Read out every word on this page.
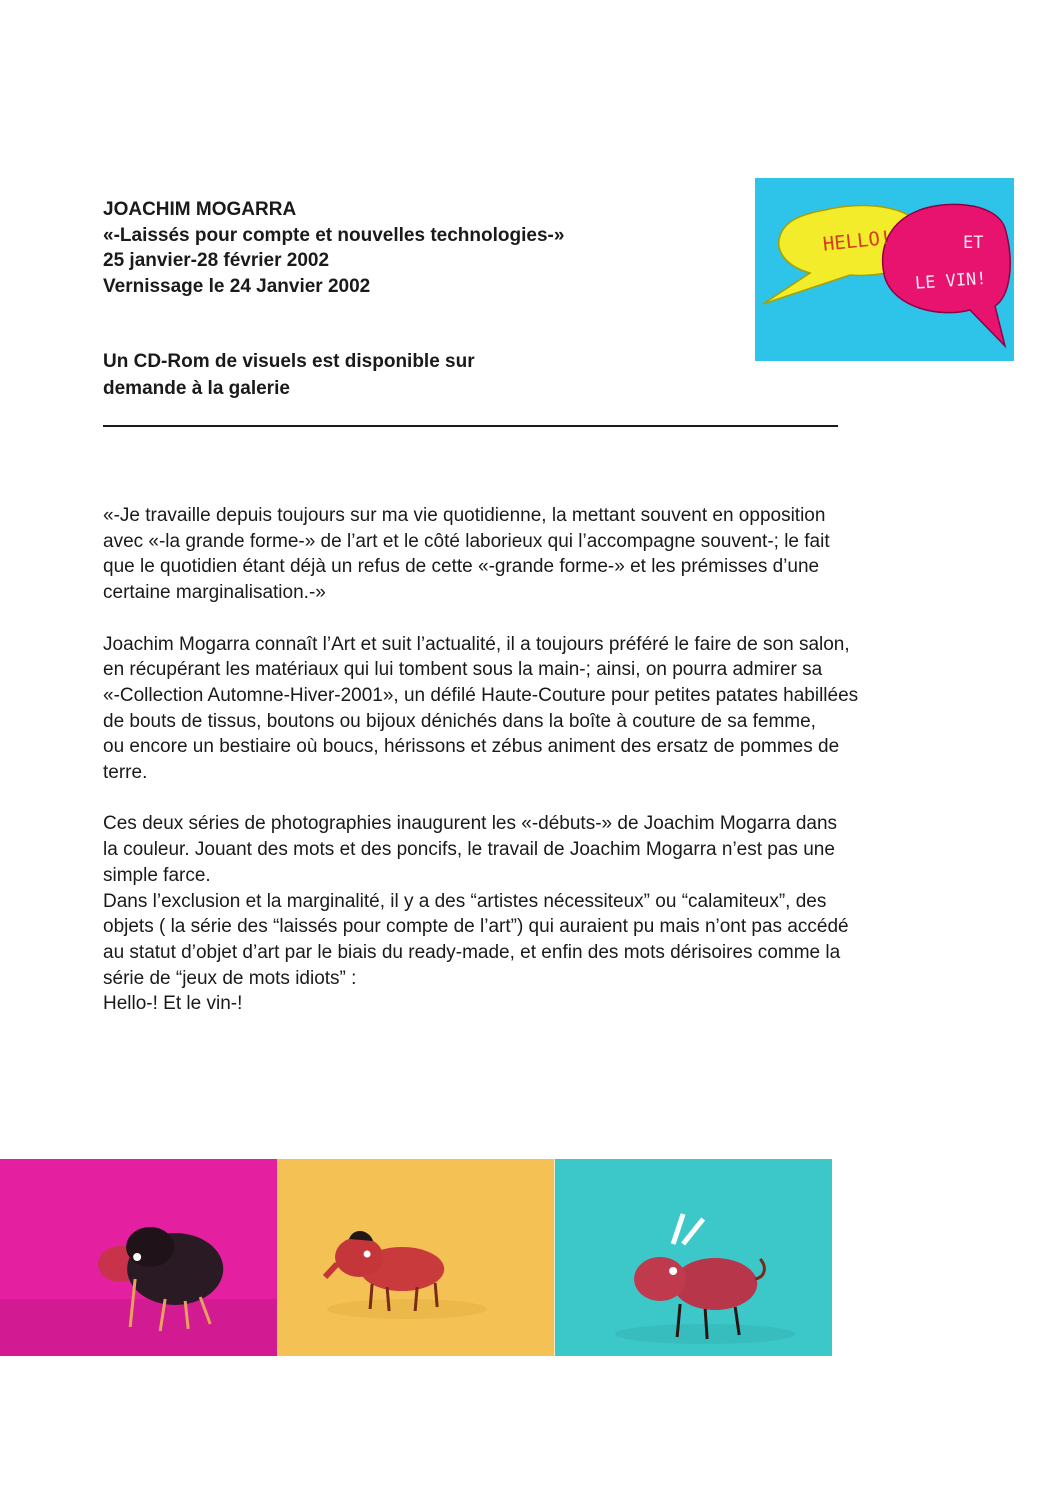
JOACHIM MOGARRA
«-Laissés pour compte et nouvelles technologies-»
25 janvier-28 février 2002
Vernissage le 24 Janvier 2002
Un CD-Rom de visuels est disponible sur
demande à la galerie
HELLO!	ET
LE VIN!
«-Je travaille depuis toujours sur ma vie quotidienne, la mettant souvent en opposition
avec «-la grande forme-» de l’art et le côté laborieux qui l’accompagne souvent-; le fait
que le quotidien étant déjà un refus de cette «-grande forme-» et les prémisses d’une
certaine marginalisation.-»
Joachim Mogarra connaît l’Art et suit l’actualité, il a toujours préféré le faire de son salon,
en récupérant les matériaux qui lui tombent sous la main-; ainsi, on pourra admirer sa
«-Collection Automne-Hiver-2001», un défilé Haute-Couture pour petites patates habillées
de bouts de tissus, boutons ou bijoux dénichés dans la boîte à couture de sa femme,
ou encore un bestiaire où boucs, hérissons et zébus animent des ersatz de pommes de
terre.
Ces deux séries de photographies inaugurent les «-débuts-» de Joachim Mogarra dans
la couleur. Jouant des mots et des poncifs, le travail de Joachim Mogarra n’est pas une
simple farce.
Dans l’exclusion et la marginalité, il y a des “artistes nécessiteux” ou “calamiteux”, des
objets ( la série des “laissés pour compte de l’art”) qui auraient pu mais n’ont pas accédé
au statut d’objet d’art par le biais du ready-made, et enfin des mots dérisoires comme la
série de “jeux de mots idiots” :
Hello-! Et le vin-!
